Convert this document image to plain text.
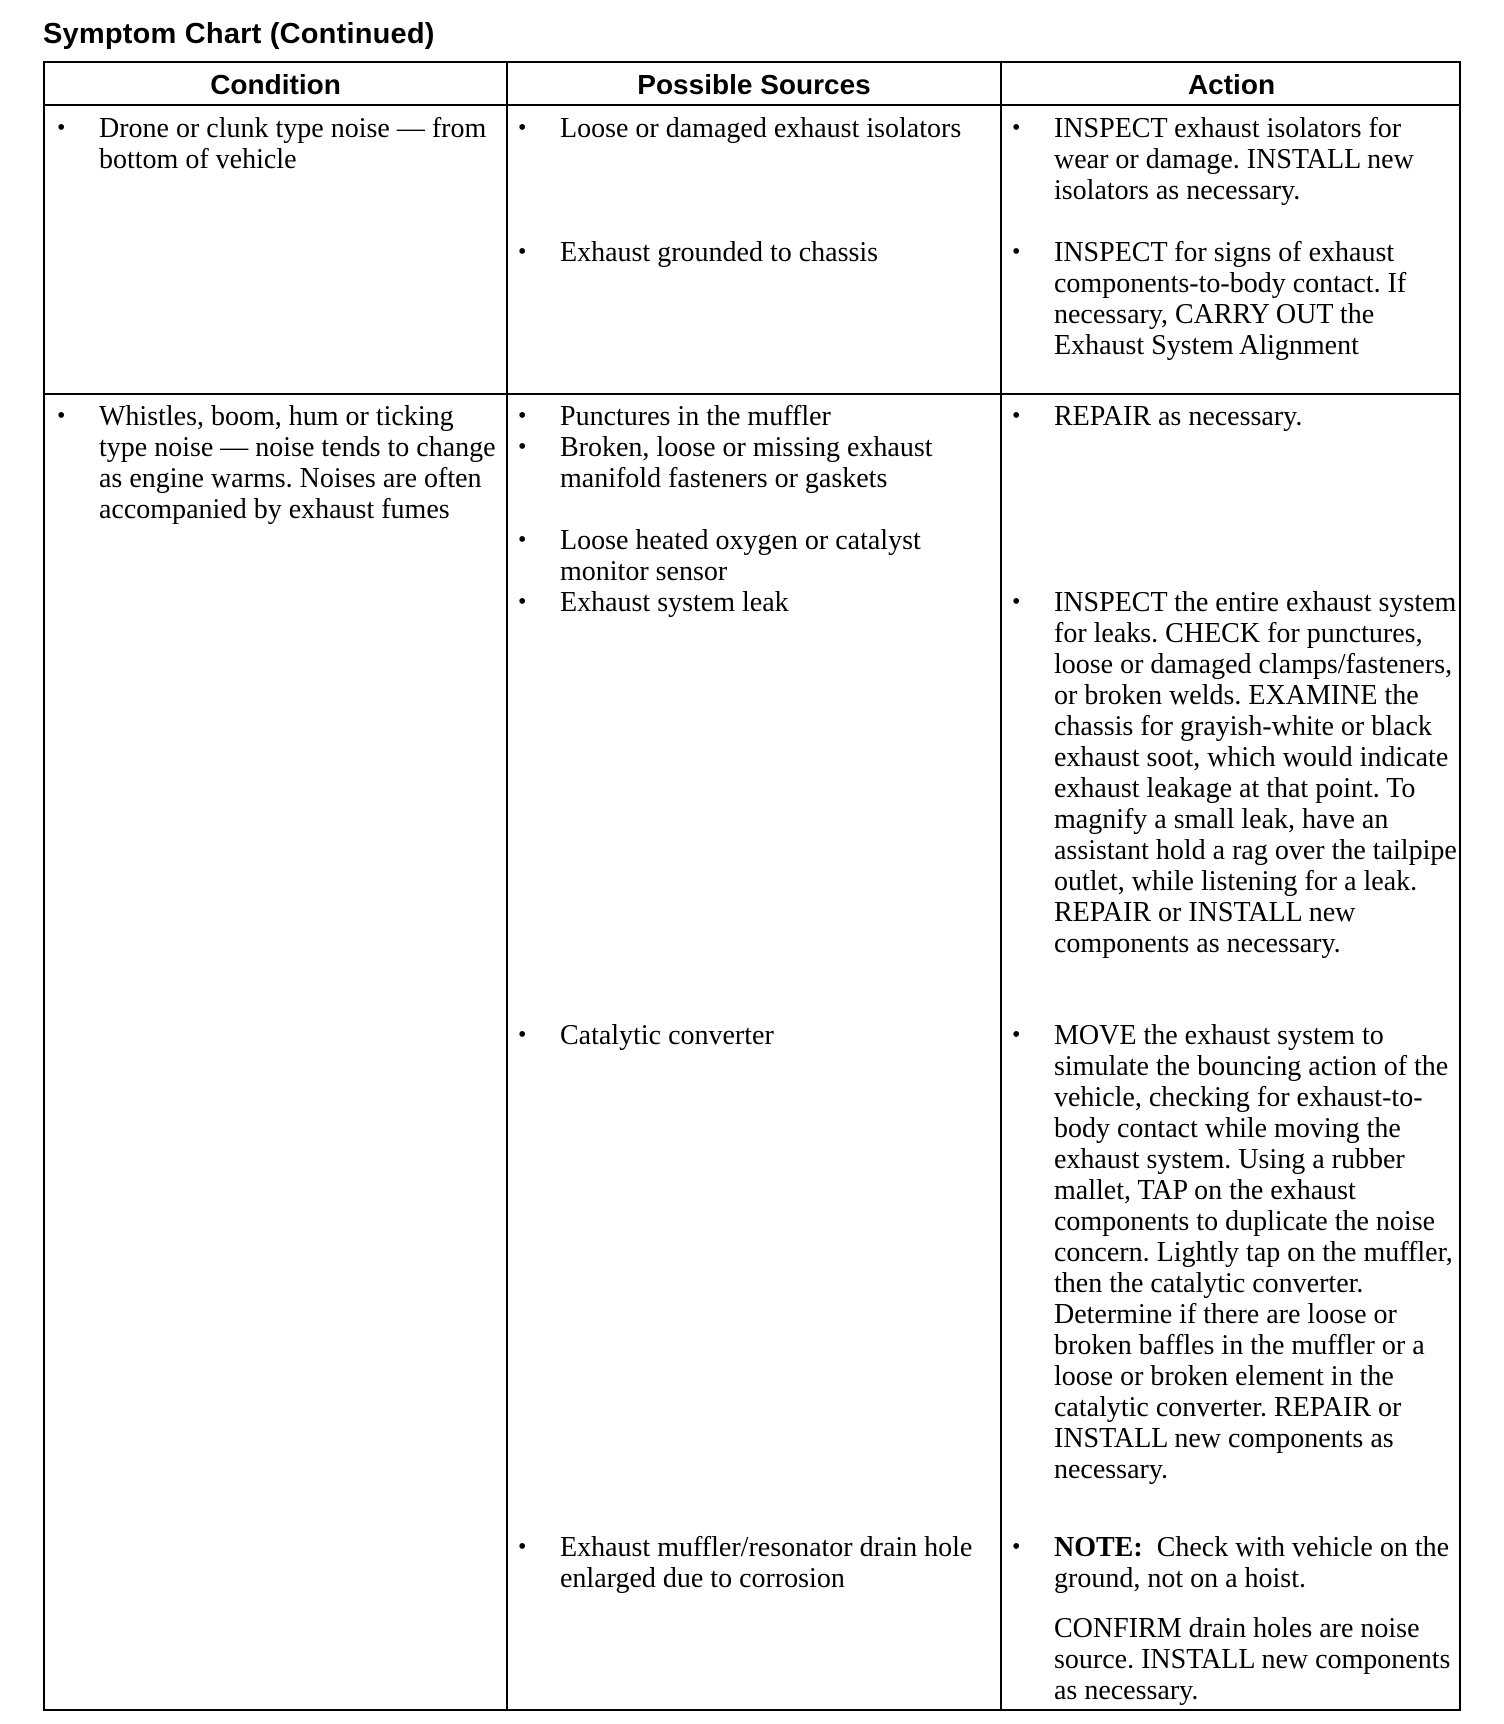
Symptom Chart (Continued)
Condition	Possible Sources	Action
• Drone or clunk type noise — from bottom of vehicle
• Loose or damaged exhaust isolators
• Exhaust grounded to chassis
• INSPECT exhaust isolators for wear or damage. INSTALL new isolators as necessary.
• INSPECT for signs of exhaust components-to-body contact. If necessary, CARRY OUT the Exhaust System Alignment
• Whistles, boom, hum or ticking type noise — noise tends to change as engine warms. Noises are often accompanied by exhaust fumes
• Punctures in the muffler
• Broken, loose or missing exhaust manifold fasteners or gaskets
• Loose heated oxygen or catalyst monitor sensor
• Exhaust system leak
• Catalytic converter
• Exhaust muffler/resonator drain hole enlarged due to corrosion
• REPAIR as necessary.
• INSPECT the entire exhaust system for leaks. CHECK for punctures, loose or damaged clamps/fasteners, or broken welds. EXAMINE the chassis for grayish-white or black exhaust soot, which would indicate exhaust leakage at that point. To magnify a small leak, have an assistant hold a rag over the tailpipe outlet, while listening for a leak. REPAIR or INSTALL new components as necessary.
• MOVE the exhaust system to simulate the bouncing action of the vehicle, checking for exhaust-to-body contact while moving the exhaust system. Using a rubber mallet, TAP on the exhaust components to duplicate the noise concern. Lightly tap on the muffler, then the catalytic converter. Determine if there are loose or broken baffles in the muffler or a loose or broken element in the catalytic converter. REPAIR or INSTALL new components as necessary.
• NOTE: Check with vehicle on the ground, not on a hoist.
CONFIRM drain holes are noise source. INSTALL new components as necessary.
